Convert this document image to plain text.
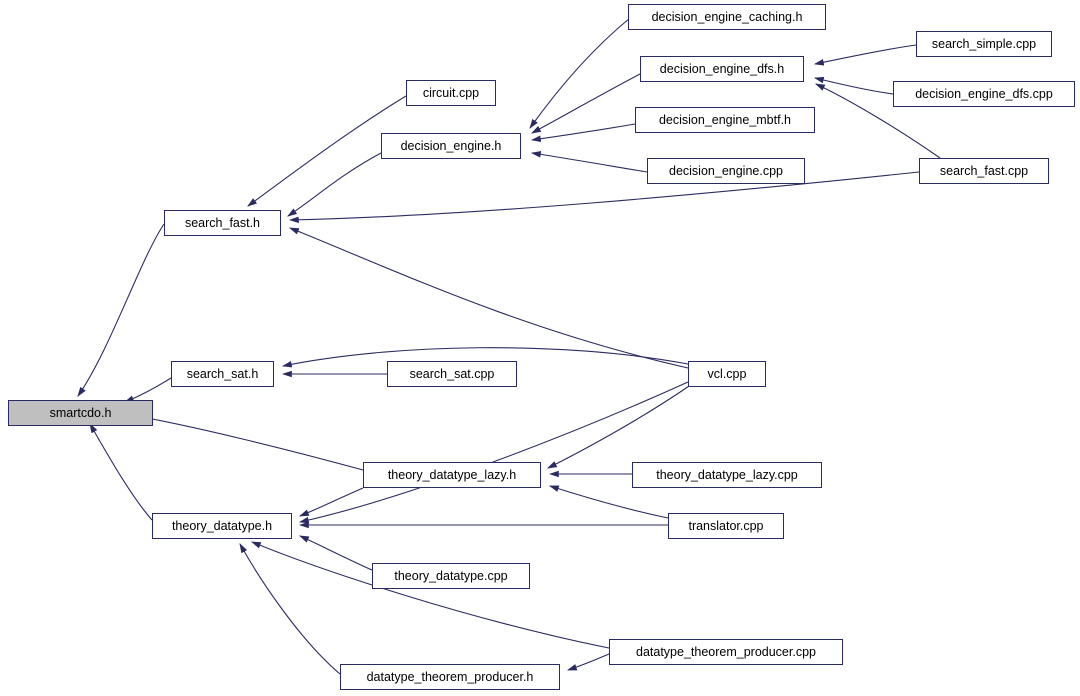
smartcdo.h
search_fast.h
circuit.cpp
decision_engine.h
decision_engine_caching.h
decision_engine_dfs.h
decision_engine_mbtf.h
decision_engine.cpp
search_simple.cpp
decision_engine_dfs.cpp
search_fast.cpp
vcl.cpp
search_sat.h	search_sat.cpp
theory_datatype_lazy.h	theory_datatype_lazy.cpp
theory_datatype.h	translator.cpp
theory_datatype.cpp
datatype_theorem_producer.cpp
datatype_theorem_producer.h
